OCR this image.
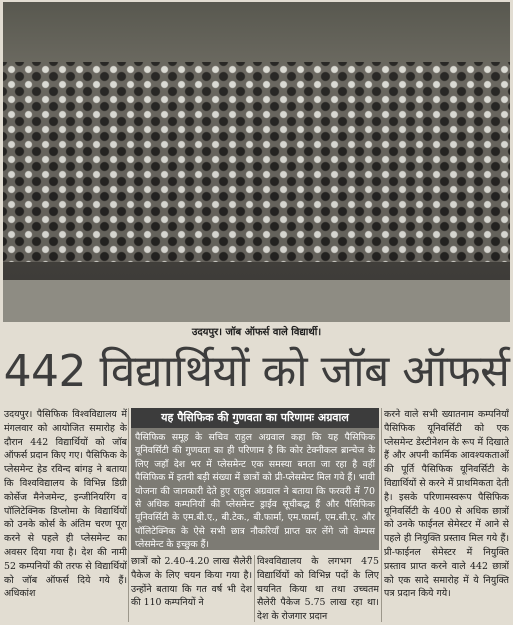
उदयपुर। जॉब ऑफर्स वाले विद्यार्थी।
442 विद्यार्थियों को जॉब ऑफर्स
उदयपुर। पैसिफिक विश्वविद्यालय में मंगलवार को आयोजित समारोह के दौरान 442 विद्यार्थियों को जॉब ऑफर्स प्रदान किए गए। पैसिफिक के प्लेसमेन्ट हेड रविन्द बांगड़ ने बताया कि विश्वविद्यालय के विभिन्न डिग्री कोर्सेज मैनेजमेन्ट, इन्जीनियरिंग व पॉलिटेक्निक डिप्लोमा के विद्यार्थियों को उनके कोर्स के अंतिम चरण पूरा करने से पहले ही प्लेसमेन्ट का अवसर दिया गया है। देश की नामी 52 कम्पनियों की तरफ से विद्यार्थियों को जॉब ऑफर्स दिये गये हैं। अधिकांश
यह पैसिफिक की गुणवता का परिणामः अग्रवाल
पैसिफिक समूह के सचिव राहुल अग्रवाल कहा कि यह पैसिफिक यूनिवर्सिटी की गुणवता का ही परिणाम है कि कोर टेक्नीकल ब्रान्चेज के लिए जहाँ देश भर में प्लेसमेन्ट एक समस्या बनता जा रहा है वहीं पैसिफिक में इतनी बड़ी संख्या में छात्रों को प्री-प्लेसमेन्ट मिल गये हैं। भावी योजना की जानकारी देते हुए राहुल अग्रवाल ने बताया कि फरवरी में 70 से अधिक कम्पनियों की प्लेसमेन्ट ड्राईव सूचीबद्ध हैं और पैसिफिक यूनिवर्सिटी के एम.बी.ए., बी.टेक., बी.फार्मा, एम.फार्मा, एम.सी.ए. और पॉलिटेक्निक के ऐसे सभी छात्र नौकरियाँ प्राप्त कर लेंगे जो केम्पस प्लेसमेन्ट के इच्छुक हैं।
छात्रों को 2.40-4.20 लाख सैलेरी पैकेज के लिए चयन किया गया है। उन्होंने बताया कि गत वर्ष भी देश की 110 कम्पनियों ने
विश्वविद्यालय के लगभग 475 विद्यार्थियों को विभिन्न पदों के लिए चयनित किया था तथा उच्चतम सैलेरी पैकेज 5.75 लाख रहा था। देश के रोजगार प्रदान
करने वाले सभी ख्यातनाम कम्पनियाँ पैसिफिक यूनिवर्सिटी को एक प्लेसमेन्ट डेस्टीनेशन के रूप में दिखाते हैं और अपनी कार्मिक आवश्यकताओं की पूर्ति पैसिफिक यूनिवर्सिटी के विद्यार्थियों से करने में प्राथमिकता देती है। इसके परिणामस्वरूप पैसिफिक यूनिवर्सिटी के 400 से अधिक छात्रों को उनके फाईनल सेमेस्टर में आने से पहले ही नियुक्ति प्रस्ताव मिल गये हैं। प्री-फाईनल सेमेस्टर में नियुक्ति प्रस्ताव प्राप्त करने वाले 442 छात्रों को एक सादे समारोह में ये नियुक्ति पत्र प्रदान किये गये।
